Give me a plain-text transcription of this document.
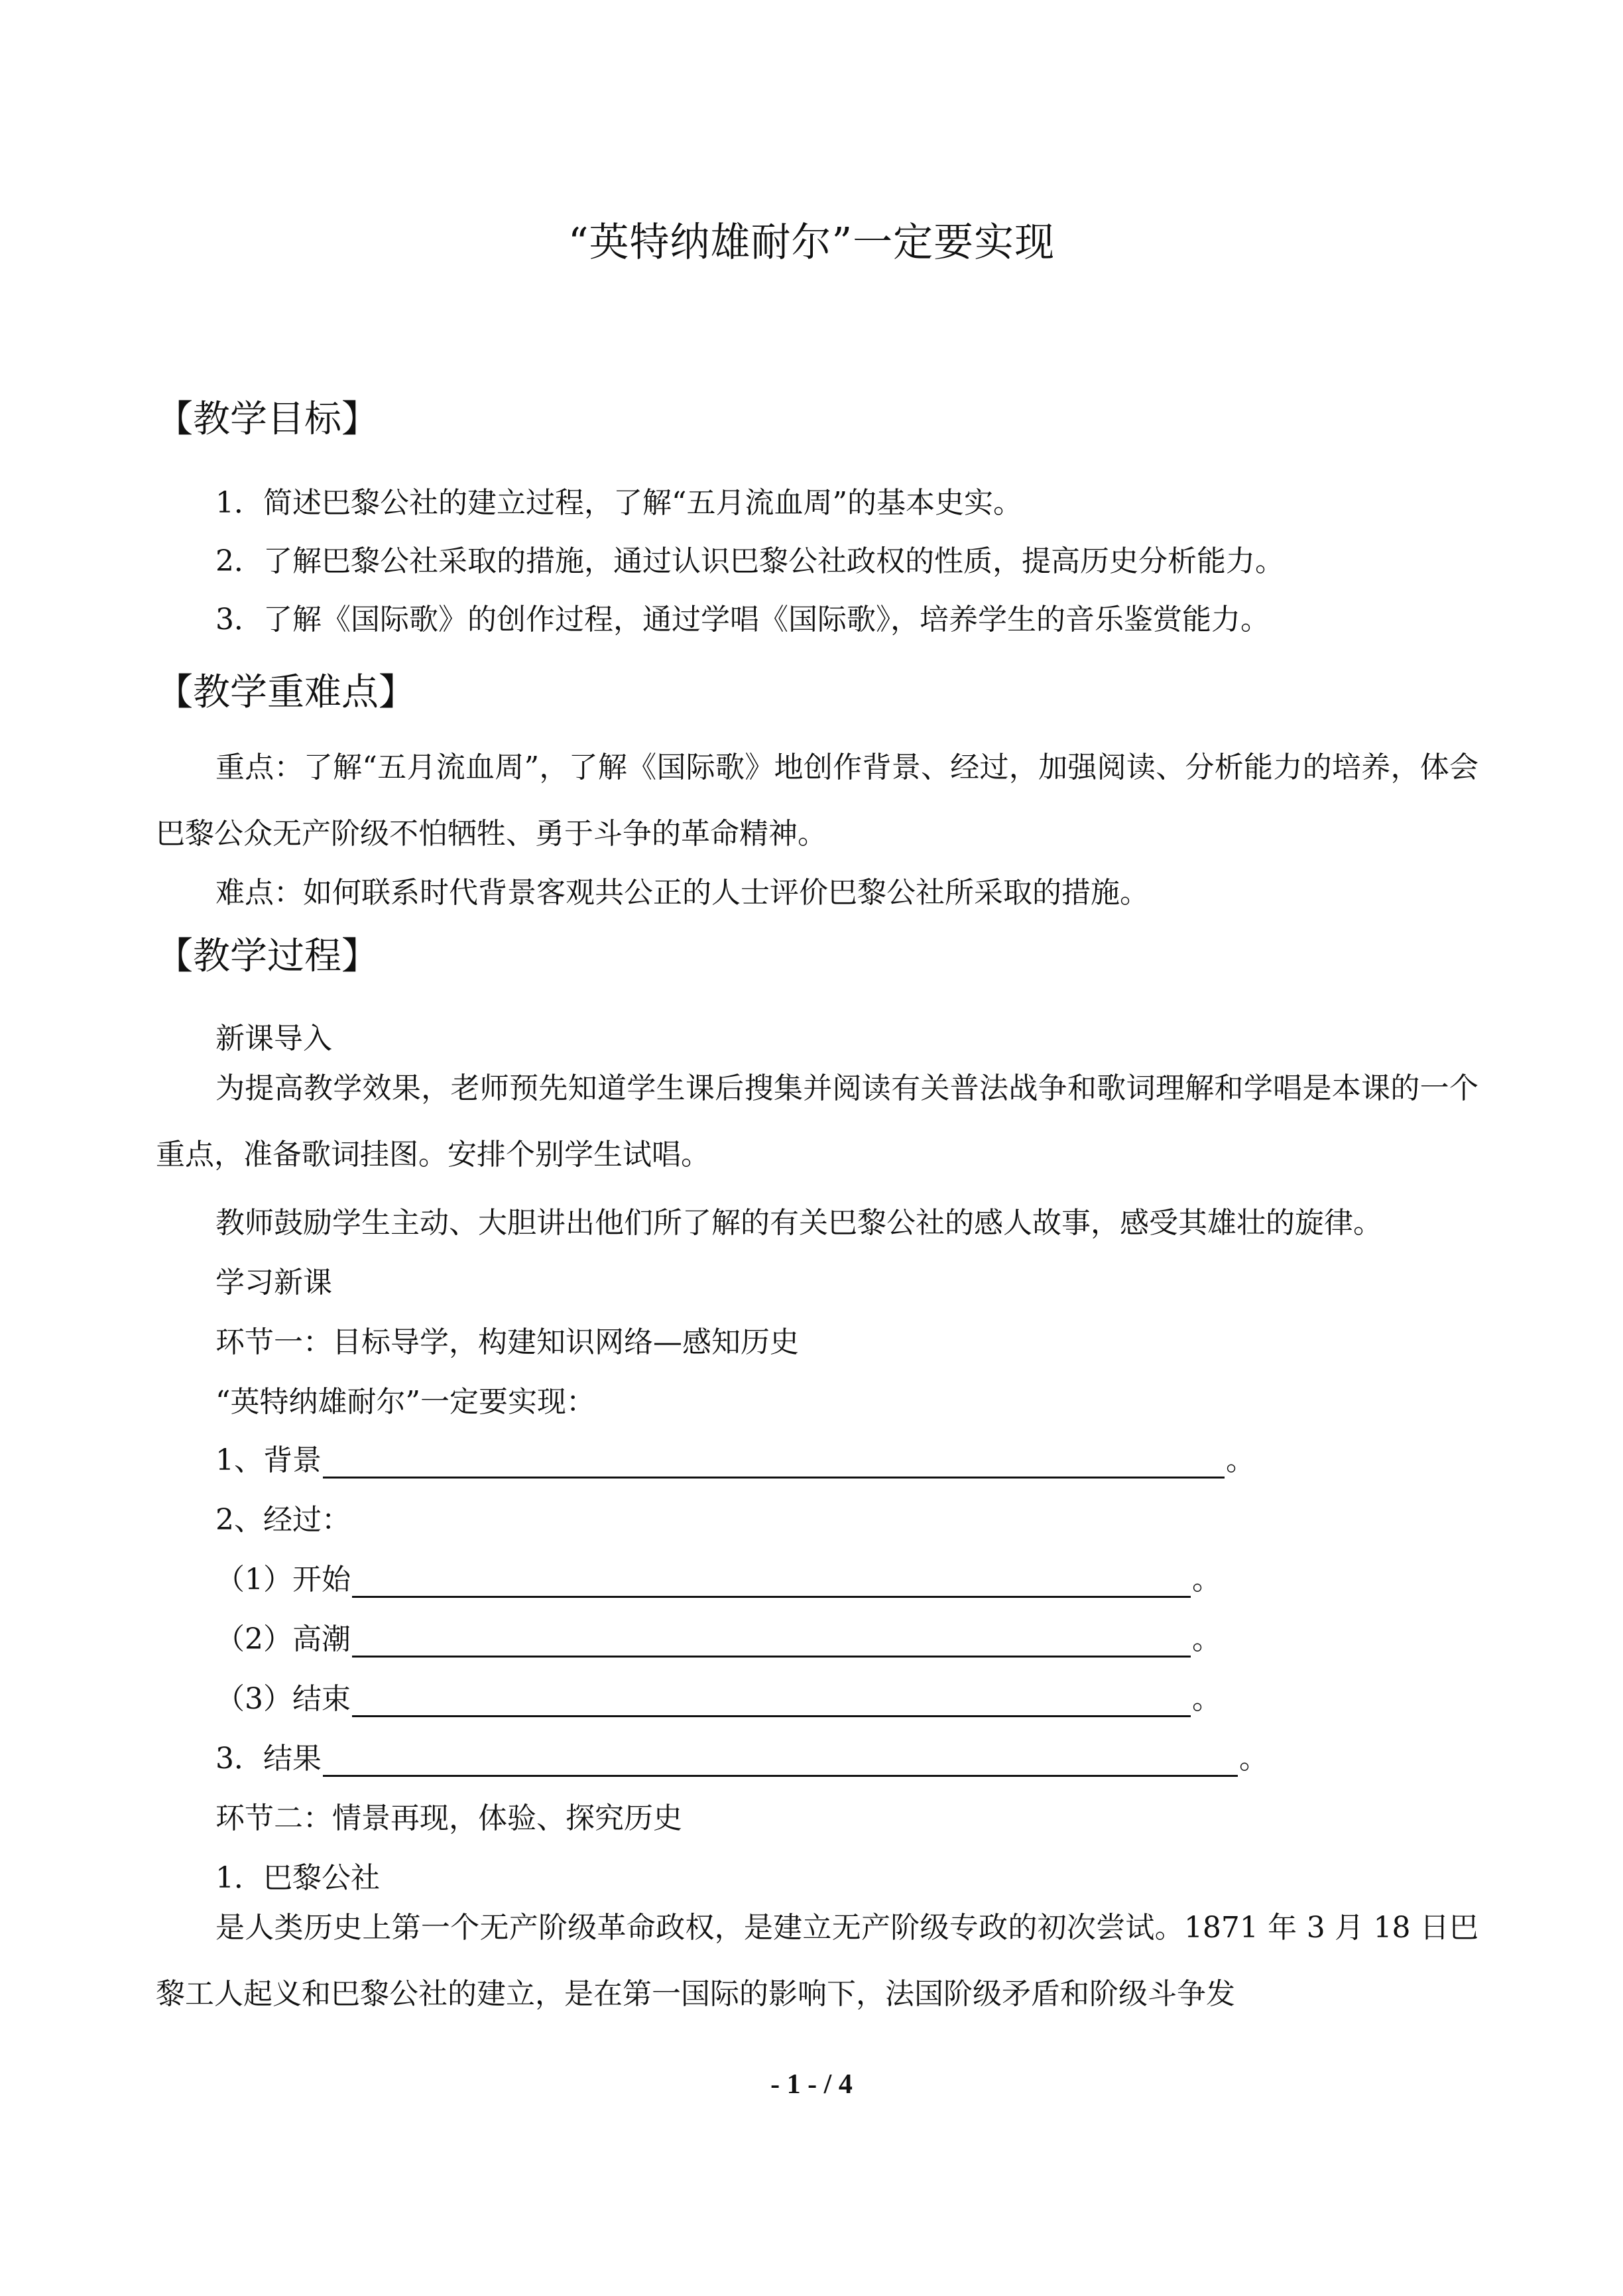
“英特纳雄耐尔”一定要实现
【教学目标】
1．简述巴黎公社的建立过程，了解“五月流血周”的基本史实。
2．了解巴黎公社采取的措施，通过认识巴黎公社政权的性质，提高历史分析能力。
3．了解《国际歌》的创作过程，通过学唱《国际歌》，培养学生的音乐鉴赏能力。
【教学重难点】
重点：了解“五月流血周”，了解《国际歌》地创作背景、经过，加强阅读、分析能力的培养，体会巴黎公众无产阶级不怕牺牲、勇于斗争的革命精神。
难点：如何联系时代背景客观共公正的人士评价巴黎公社所采取的措施。
【教学过程】
新课导入
为提高教学效果，老师预先知道学生课后搜集并阅读有关普法战争和歌词理解和学唱是本课的一个重点，准备歌词挂图。安排个别学生试唱。
教师鼓励学生主动、大胆讲出他们所了解的有关巴黎公社的感人故事，感受其雄壮的旋律。
学习新课
环节一：目标导学，构建知识网络—感知历史
“英特纳雄耐尔”一定要实现：
1、背景	。
2、经过：
（1）开始	。
（2）高潮	。
（3）结束	。
3．结果	。
环节二：情景再现，体验、探究历史
1．巴黎公社
是人类历史上第一个无产阶级革命政权，是建立无产阶级专政的初次尝试。1871 年 3 月 18 日巴黎工人起义和巴黎公社的建立，是在第一国际的影响下，法国阶级矛盾和阶级斗争发
- 1 - / 4
